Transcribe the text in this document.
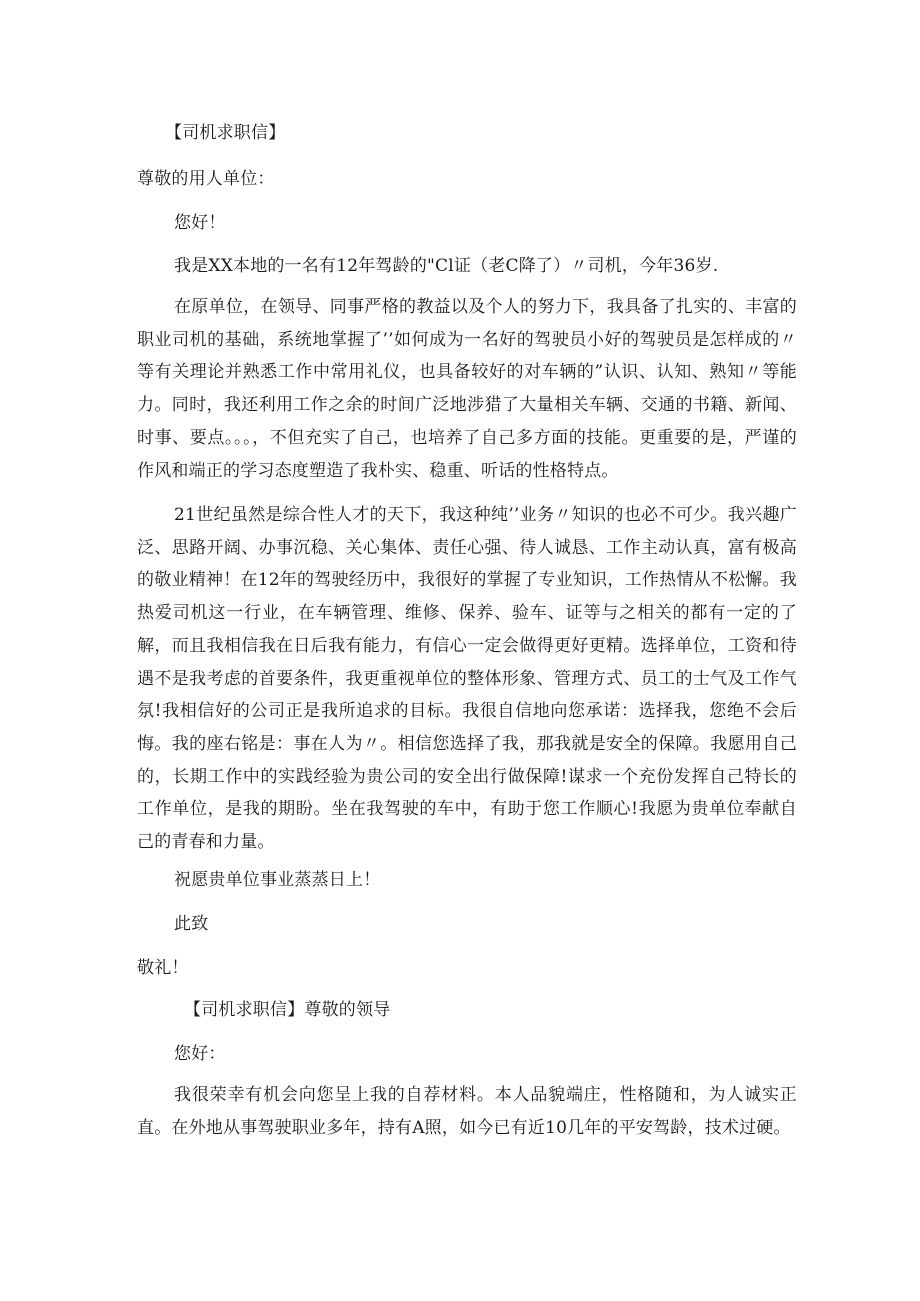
【司机求职信】
尊敬的用人单位：
您好！
我是XX本地的一名有12年驾龄的"Cl证（老C降了）〃司机，今年36岁.
在原单位，在领导、同事严格的教益以及个人的努力下，我具备了扎实的、丰富的职业司机的基础，系统地掌握了’’如何成为一名好的驾驶员小好的驾驶员是怎样成的〃等有关理论并熟悉工作中常用礼仪，也具备较好的对车辆的”认识、认知、熟知〃等能力。同时，我还利用工作之余的时间广泛地涉猎了大量相关车辆、交通的书籍、新闻、时事、要点。。。，不但充实了自己，也培养了自己多方面的技能。更重要的是，严谨的作风和端正的学习态度塑造了我朴实、稳重、听话的性格特点。
21世纪虽然是综合性人才的天下，我这种纯’’业务〃知识的也必不可少。我兴趣广泛、思路开阔、办事沉稳、关心集体、责任心强、待人诚恳、工作主动认真，富有极高的敬业精神！在12年的驾驶经历中，我很好的掌握了专业知识，工作热情从不松懈。我热爱司机这一行业，在车辆管理、维修、保养、验车、证等与之相关的都有一定的了解，而且我相信我在日后我有能力，有信心一定会做得更好更精。选择单位，工资和待遇不是我考虑的首要条件，我更重视单位的整体形象、管理方式、员工的士气及工作气氛!我相信好的公司正是我所追求的目标。我很自信地向您承诺：选择我，您绝不会后悔。我的座右铭是：事在人为〃。相信您选择了我，那我就是安全的保障。我愿用自己的，长期工作中的实践经验为贵公司的安全出行做保障!谋求一个充份发挥自己特长的工作单位，是我的期盼。坐在我驾驶的车中，有助于您工作顺心!我愿为贵单位奉献自己的青春和力量。
祝愿贵单位事业蒸蒸日上！
此致
敬礼！
【司机求职信】尊敬的领导
您好：
我很荣幸有机会向您呈上我的自荐材料。本人品貌端庄，性格随和，为人诚实正直。在外地从事驾驶职业多年，持有A照，如今已有近10几年的平安驾龄，技术过硬。
